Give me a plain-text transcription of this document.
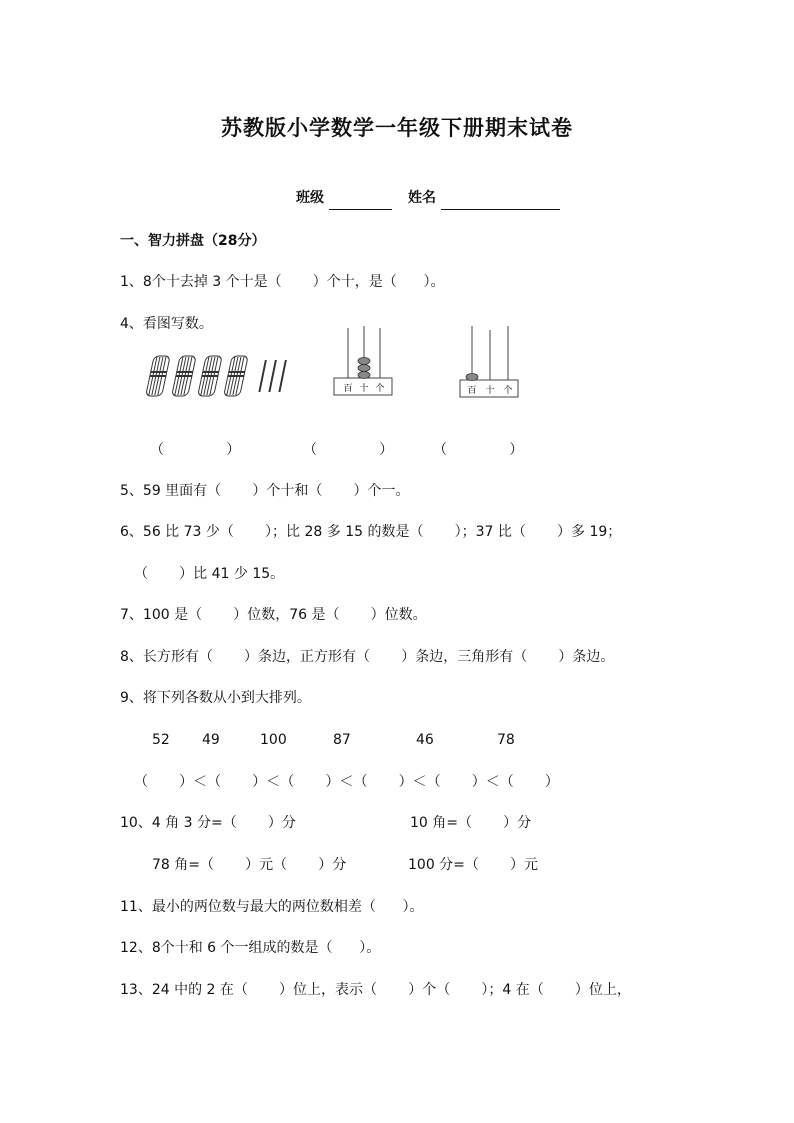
苏教版小学数学一年级下册期末试卷
班级	姓名
一、智力拼盘（28分）
1、8个十去掉 3 个十是（       ）个十，是（      ）。
4、看图写数。
百 十 个	百 十 个
（              ）	（              ）	（              ）
5、59 里面有（       ）个十和（       ）个一。
6、56 比 73 少（       ）；比 28 多 15 的数是（       ）；37 比（       ）多 19；
（       ）比 41 少 15。
7、100 是（       ）位数，76 是（       ）位数。
8、长方形有（       ）条边，正方形有（       ）条边，三角形有（       ）条边。
9、将下列各数从小到大排列。
52 49	100	87	46	78
（       ）＜（       ）＜（       ）＜（       ）＜（       ）＜（       ）
10、4 角 3 分=（       ）分	10 角=（       ）分
78 角=（       ）元（       ）分	100 分=（       ）元
11、最小的两位数与最大的两位数相差（      ）。
12、8个十和 6 个一组成的数是（      ）。
13、24 中的 2 在（       ）位上，表示（       ）个（       ）；4 在（       ）位上，
